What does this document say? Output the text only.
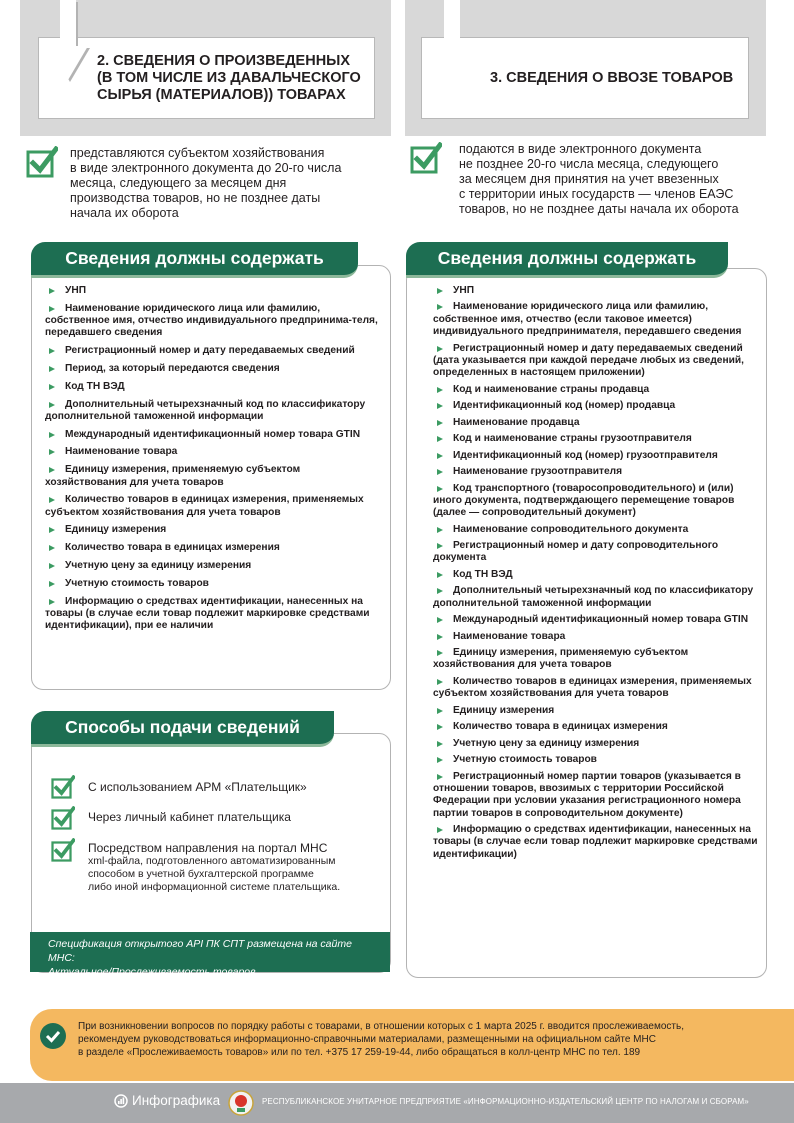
2. СВЕДЕНИЯ О ПРОИЗВЕДЕННЫХ
(В ТОМ ЧИСЛЕ ИЗ ДАВАЛЬЧЕСКОГО
СЫРЬЯ (МАТЕРИАЛОВ)) ТОВАРАХ
3. СВЕДЕНИЯ О ВВОЗЕ ТОВАРОВ
представляются субъектом хозяйствования
в виде электронного документа до 20-го числа
месяца, следующего за месяцем дня
производства товаров, но не позднее даты
начала их оборота
подаются в виде электронного документа
не позднее 20-го числа месяца, следующего
за месяцем дня принятия на учет ввезенных
с территории иных государств — членов ЕАЭС
товаров, но не позднее даты начала их оборота
Сведения должны содержать
УНП
Наименование юридического лица или фамилию, собственное имя, отчество индивидуального предпринима-теля, передавшего сведения
Регистрационный номер и дату передаваемых сведений
Период, за который передаются сведения
Код ТН ВЭД
Дополнительный четырехзначный код по классификатору дополнительной таможенной информации
Международный идентификационный номер товара GTIN
Наименование товара
Единицу измерения, применяемую субъектом хозяйствования для учета товаров
Количество товаров в единицах измерения, применяемых субъектом хозяйствования для учета товаров
Единицу измерения
Количество товара в единицах измерения
Учетную цену за единицу измерения
Учетную стоимость товаров
Информацию о средствах идентификации, нанесенных на товары (в случае если товар подлежит маркировке средствами идентификации), при ее наличии
Сведения должны содержать
УНП
Наименование юридического лица или фамилию, собственное имя, отчество (если таковое имеется) индивидуального предпринимателя, передавшего сведения
Регистрационный номер и дату передаваемых сведений (дата указывается при каждой передаче любых из сведений, определенных в настоящем приложении)
Код и наименование страны продавца
Идентификационный код (номер) продавца
Наименование продавца
Код и наименование страны грузоотправителя
Идентификационный код (номер) грузоотправителя
Наименование грузоотправителя
Код транспортного (товаросопроводительного) и (или) иного документа, подтверждающего перемещение товаров (далее — сопроводительный документ)
Наименование сопроводительного документа
Регистрационный номер и дату сопроводительного документа
Код ТН ВЭД
Дополнительный четырехзначный код по классификатору дополнительной таможенной информации
Международный идентификационный номер товара GTIN
Наименование товара
Единицу измерения, применяемую субъектом хозяйствования для учета товаров
Количество товаров в единицах измерения, применяемых субъектом хозяйствования для учета товаров
Единицу измерения
Количество товара в единицах измерения
Учетную цену за единицу измерения
Учетную стоимость товаров
Регистрационный номер партии товаров (указывается в отношении товаров, ввозимых с территории Российской Федерации при условии указания регистрационного номера партии товаров в сопроводительном документе)
Информацию о средствах идентификации, нанесенных на товары (в случае если товар подлежит маркировке средствами идентификации)
Способы подачи сведений
С использованием АРМ «Плательщик»
Через личный кабинет плательщика
Посредством направления на портал МНС
xml-файла, подготовленного автоматизированным
способом в учетной бухгалтерской программе
либо иной информационной системе плательщика.
Спецификация открытого API ПК СПТ размещена на сайте МНС:
Актуальное/Прослеживаемость товаров.
При возникновении вопросов по порядку работы с товарами, в отношении которых с 1 марта 2025 г. вводится прослеживаемость,
рекомендуем руководствоваться информационно-справочными материалами, размещенными на официальном сайте МНС
в разделе «Прослеживаемость товаров» или по тел. +375 17 259-19-44, либо обращаться в колл-центр МНС по тел. 189
Инфографика	РЕСПУБЛИКАНСКОЕ УНИТАРНОЕ ПРЕДПРИЯТИЕ «ИНФОРМАЦИОННО-ИЗДАТЕЛЬСКИЙ ЦЕНТР ПО НАЛОГАМ И СБОРАМ»
